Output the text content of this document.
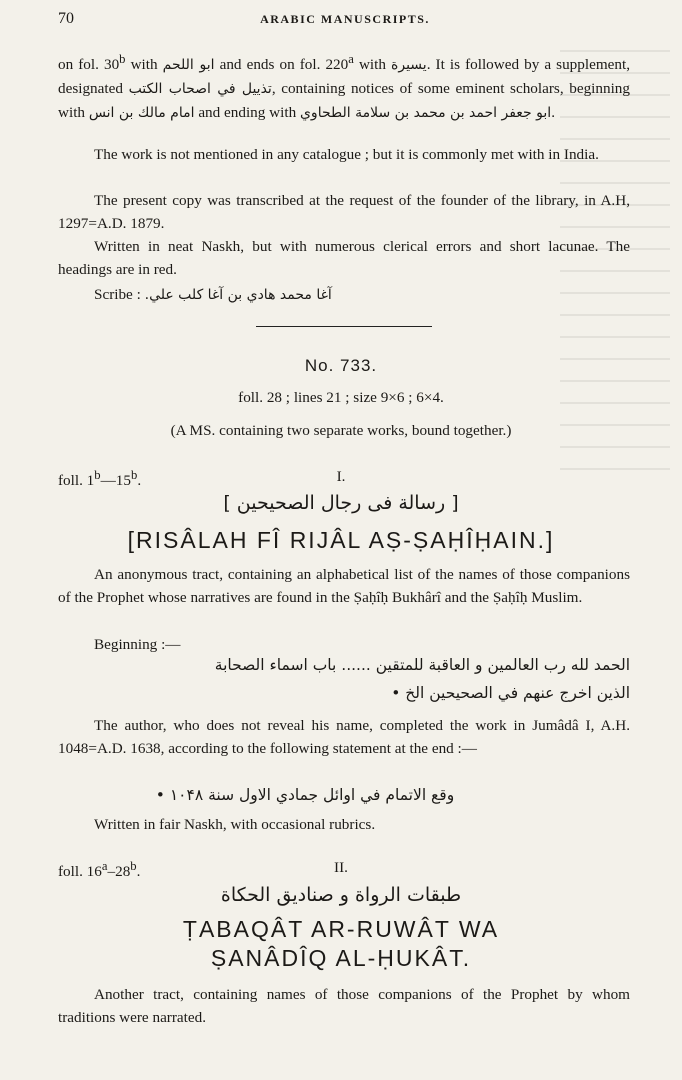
70	ARABIC MANUSCRIPTS.
on fol. 30$^b$ with ابو اللحم and ends on fol. 220$^a$ with يسيرة. It is followed by a supplement, designated تذييل في اصحاب الكتب, containing notices of some eminent scholars, beginning with امام مالك بن انس and ending with ابو جعفر احمد بن محمد بن سلامة الطحاوي.
The work is not mentioned in any catalogue ; but it is commonly met with in India.
The present copy was transcribed at the request of the founder of the library, in A.H, 1297=A.D. 1879.
Written in neat Naskh, but with numerous clerical errors and short lacunae. The headings are in red.
Scribe : آغا محمد هادي بن آغا كلب علي.
No. 733.
foll. 28 ; lines 21 ; size 9×6 ; 6×4.
(A MS. containing two separate works, bound together.)
foll. 1$^b$—15$^b$.	I.
[ رسالة فى رجال الصحيحين ]
[RISÂLAH FÎ RIJÂL AṢ-ṢAḤÎḤAIN.]
An anonymous tract, containing an alphabetical list of the names of those companions of the Prophet whose narratives are found in the Ṣaḥîḥ Bukhârî and the Ṣaḥîḥ Muslim.
Beginning :—
الحمد لله رب العالمين و العاقبة للمتقين ...... باب اسماء الصحابة
الذين اخرج عنهم في الصحيحين الخ •
The author, who does not reveal his name, completed the work in Jumâdâ I, A.H. 1048=A.D. 1638, according to the following statement at the end :—
وقع الاتمام في اوائل جمادي الاول سنة ۱۰۴۸ •
Written in fair Naskh, with occasional rubrics.
foll. 16$^a$–28$^b$.	II.
طبقات الرواة و صناديق الحكاة
ṬABAQÂT AR-RUWÂT WA
ṢANÂDÎQ AL-ḤUKÂT.
Another tract, containing names of those companions of the Prophet by whom traditions were narrated.
